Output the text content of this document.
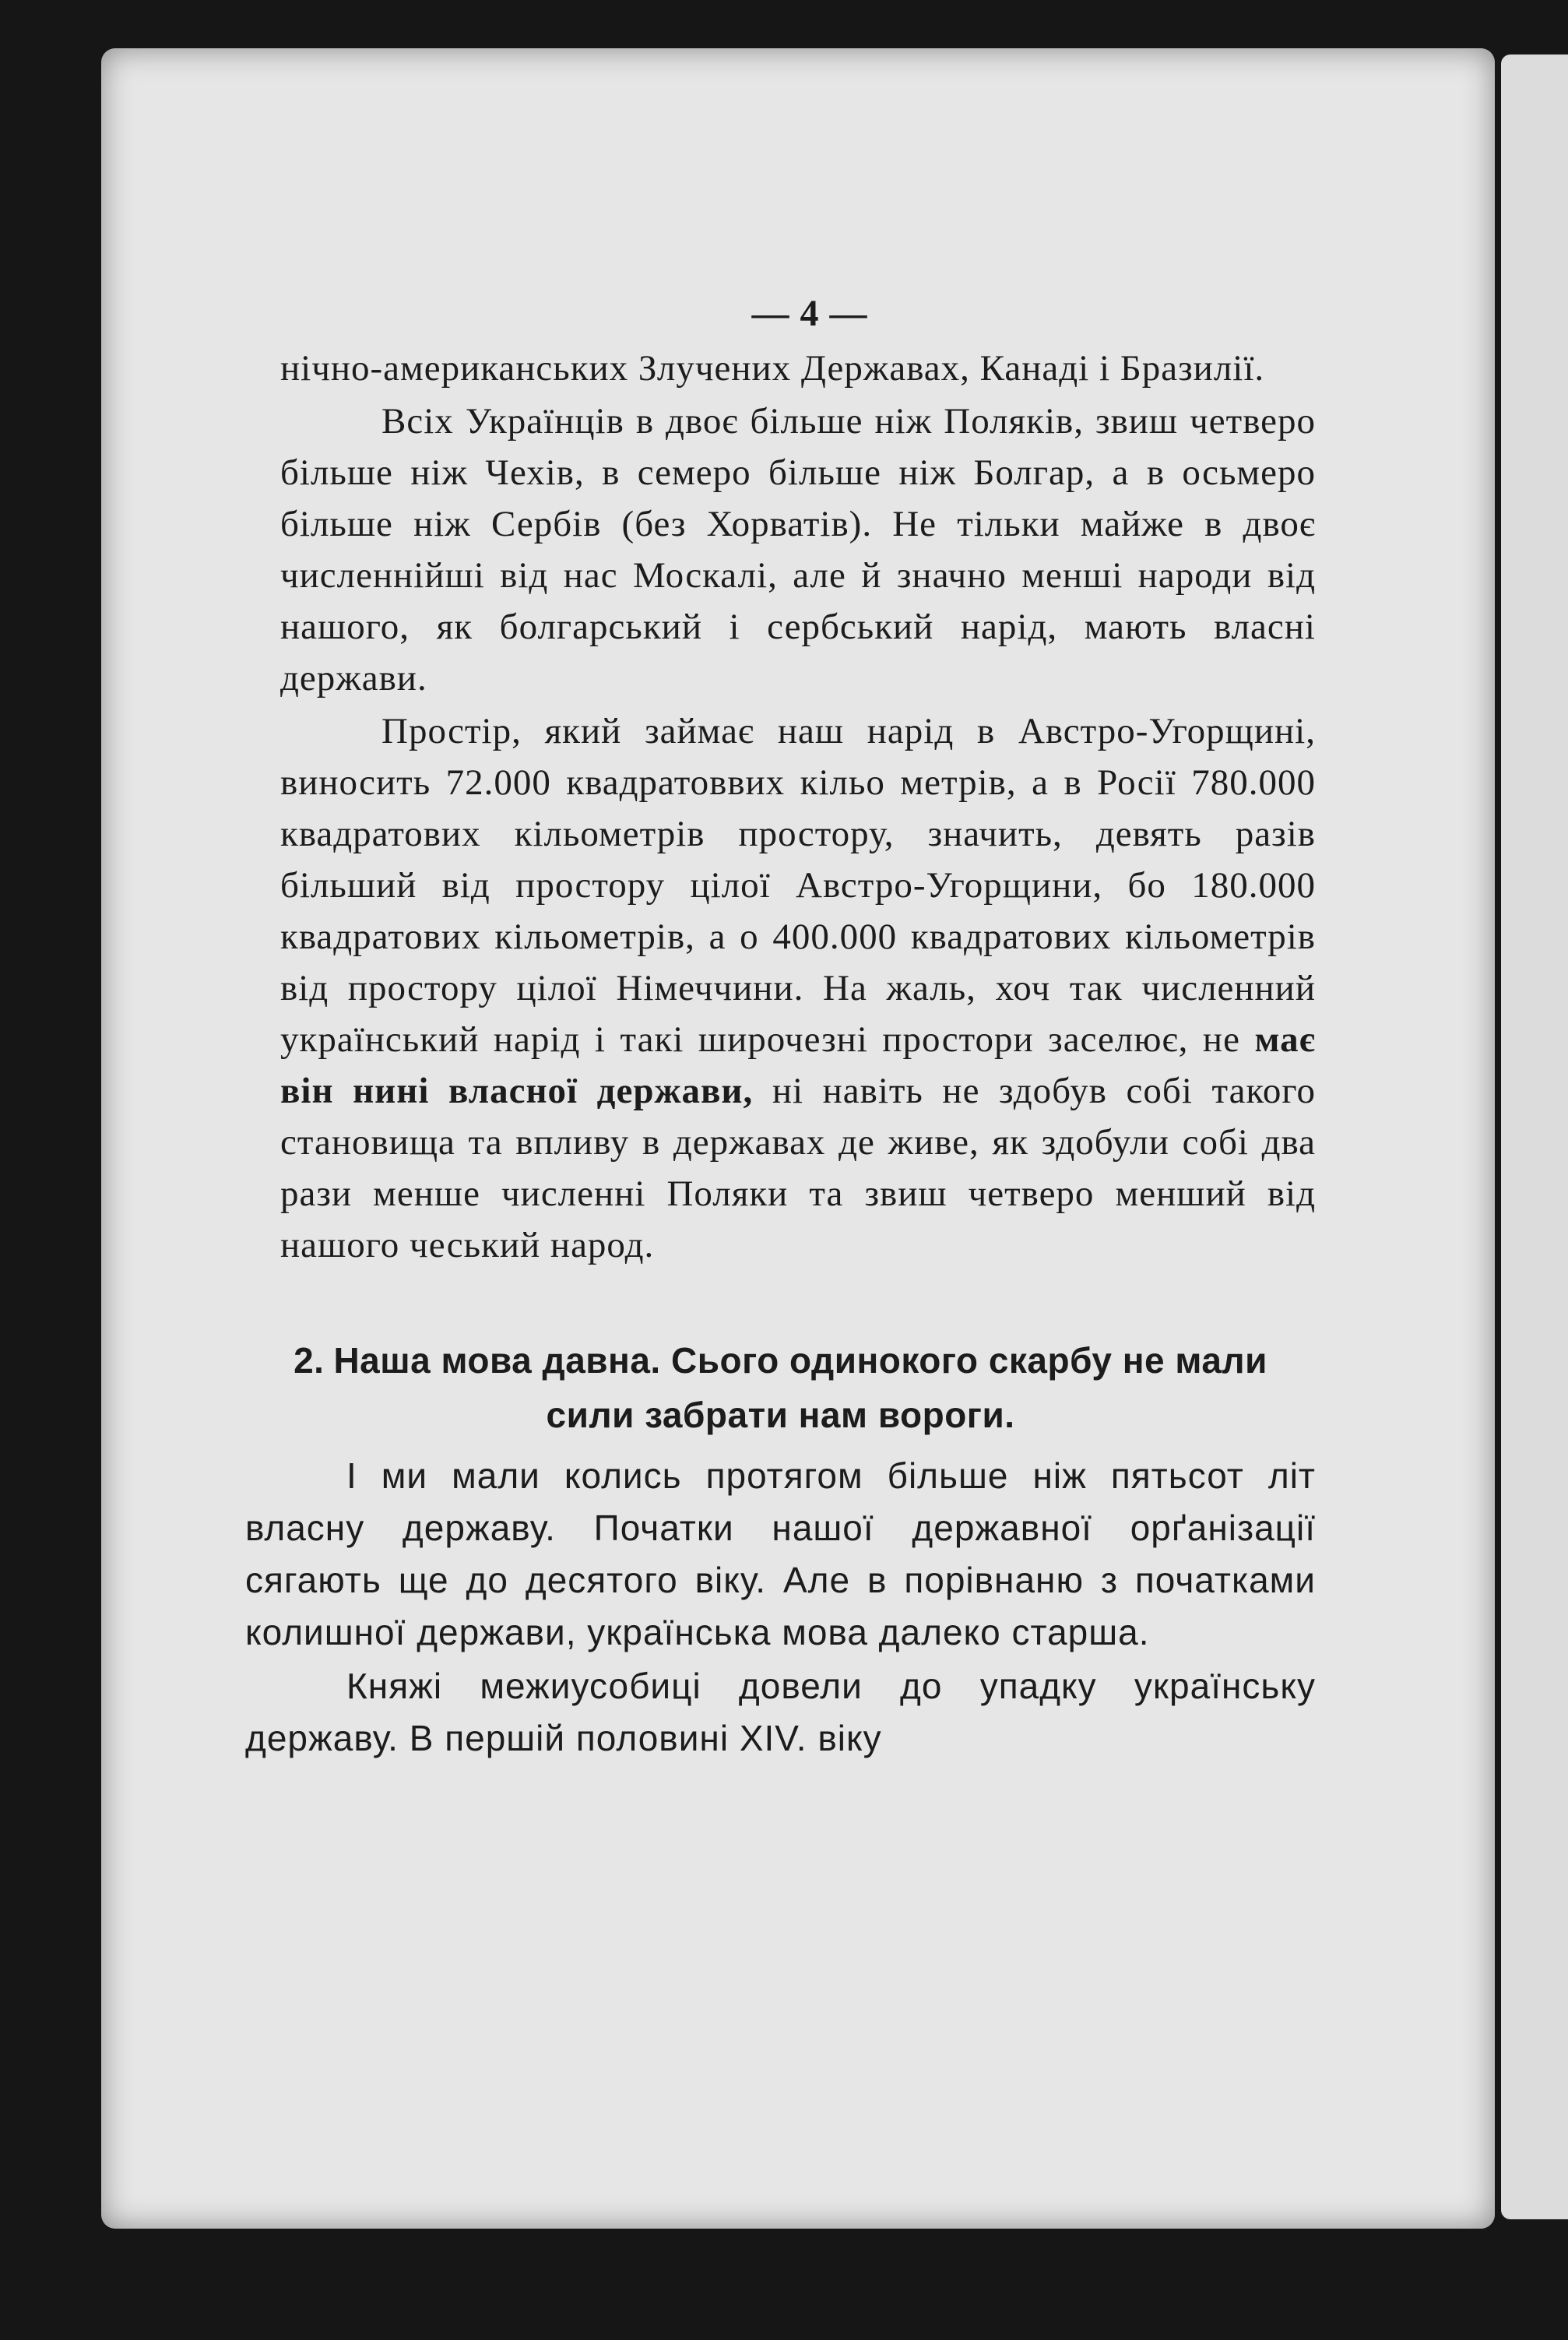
— 4 —

нічно-американських Злучених Державах, Канаді і Бразилії.

Всіх Українців в двоє більше ніж Поляків, звиш четверо більше ніж Чехів, в семеро більше ніж Болгар, а в осьмеро більше ніж Сербів (без Хорватів). Не тільки майже в двоє численнійші від нас Москалі, але й значно менші народи від нашого, як болгарський і сербський нарід, мають власні держави.

Простір, який займає наш нарід в Австро-Угорщині, виносить 72.000 квадратоввих кільо метрів, а в Росії 780.000 квадратових кільометрів простору, значить, девять разів більший від простору цілої Австро-Угорщини, бо 180.000 квадратових кільометрів, а о 400.000 квадратових кільометрів від простору цілої Німеччини. На жаль, хоч так численний український нарід і такі широчезні простори заселює, не має він нині власної держави, ні навіть не здобув собі такого становища та впливу в державах де живе, як здобули собі два рази менше численні Поляки та звиш четверо менший від нашого чеський народ.

2. Наша мова давна. Сього одинокого скарбу не мали сили забрати нам вороги.

І ми мали колись протягом більше ніж пятьсот літ власну державу. Початки нашої державної орґанізації сягають ще до десятого віку. Але в порівнаню з початками колишної держави, українська мова далеко старша.

Княжі межиусобиці довели до упадку українську державу. В першій половині XIV. віку
